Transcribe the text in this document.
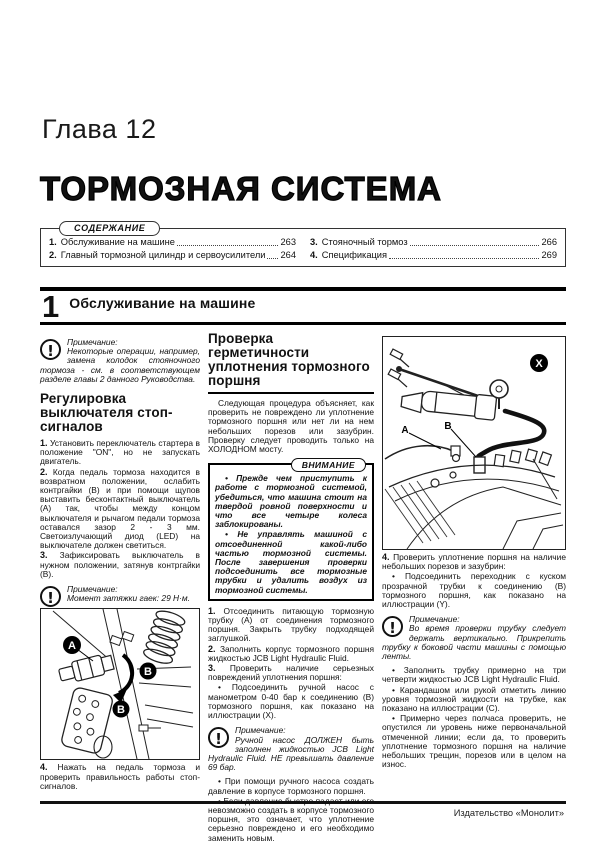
Глава 12
ТОРМОЗНАЯ СИСТЕМА
СОДЕРЖАНИЕ
1. Обслуживание на машине	263 3. Стояночный тормоз	266
2. Главный тормозной цилиндр и сервоусилители 264 4. Спецификация	269
1 Обслуживание на машине
!
Примечание:
Некоторые операции, например, замена колодок стояночного тормоза - см. в соответствующем разделе главы 2 данного Руководства.
Регулировка выключателя стоп-сигналов

1. Установить переключатель стартера в положение "ON", но не запускать двигатель.

2. Когда педаль тормоза находится в возвратном положении, ослабить контргайки (B) и при помощи щупов выставить бесконтактный выключатель (A) так, чтобы между концом выключателя и рычагом педали тормоза оставался зазор 2 - 3 мм. Светоизлучающий диод (LED) на выключателе должен светиться.

3. Зафиксировать выключатель в нужном положении, затянув контргайки (B).

!
Примечание:
Момент затяжки гаек: 29 Н·м.
A
B
B

4. Нажать на педаль тормоза и проверить правильность работы стоп-сигналов.

Проверка герметичности уплотнения тормозного поршня

Следующая процедура объясняет, как проверить не повреждено ли уплотнение тормозного поршня или нет ли на нем небольших порезов или зазубрин. Проверку следует проводить только на ХОЛОДНОМ мосту.

ВНИМАНИЕ

• Прежде чем приступить к работе с тормозной системой, убедиться, что машина стоит на твердой ровной поверхности и что все четыре колеса заблокированы.

• Не управлять машиной с отсоединенной какой-либо частью тормозной системы. После завершения проверки подсоединить все тормозные трубки и удалить воздух из тормозной системы.

1. Отсоединить питающую тормозную трубку (A) от соединения тормозного поршня. Закрыть трубку подходящей заглушкой.

2. Заполнить корпус тормозного поршня жидкостью JCB Light Hydraulic Fluid.

3. Проверить наличие серьезных повреждений уплотнения поршня:

• Подсоединить ручной насос с манометром 0-40 бар к соединению (B) тормозного поршня, как показано на иллюстрации (X).

!
Примечание:
Ручной насос ДОЛЖЕН быть заполнен жидкостью JCB Light Hydraulic Fluid. НЕ превышать давление 69 бар.

• При помощи ручного насоса создать давление в корпусе тормозного поршня.

• Если давление быстро падает или его невозможно создать в корпусе тормозного поршня, это означает, что уплотнение серьезно повреждено и его необходимо заменить новым.

X
A	B

4. Проверить уплотнение поршня на наличие небольших порезов и зазубрин:

• Подсоединить переходник с куском прозрачной трубки к соединению (B) тормозного поршня, как показано на иллюстрации (Y).

!
Примечание:
Во время проверки трубку следует держать вертикально. Прикрепить трубку к боковой части машины с помощью ленты.

• Заполнить трубку примерно на три четверти жидкостью JCB Light Hydraulic Fluid.

• Карандашом или рукой отметить линию уровня тормозной жидкости на трубке, как показано на иллюстрации (C).

• Примерно через полчаса проверить, не опустился ли уровень ниже первоначальной отмеченной линии; если да, то проверить уплотнение тормозного поршня на наличие небольших трещин, порезов или в целом на износ.

Издательство «Монолит»
